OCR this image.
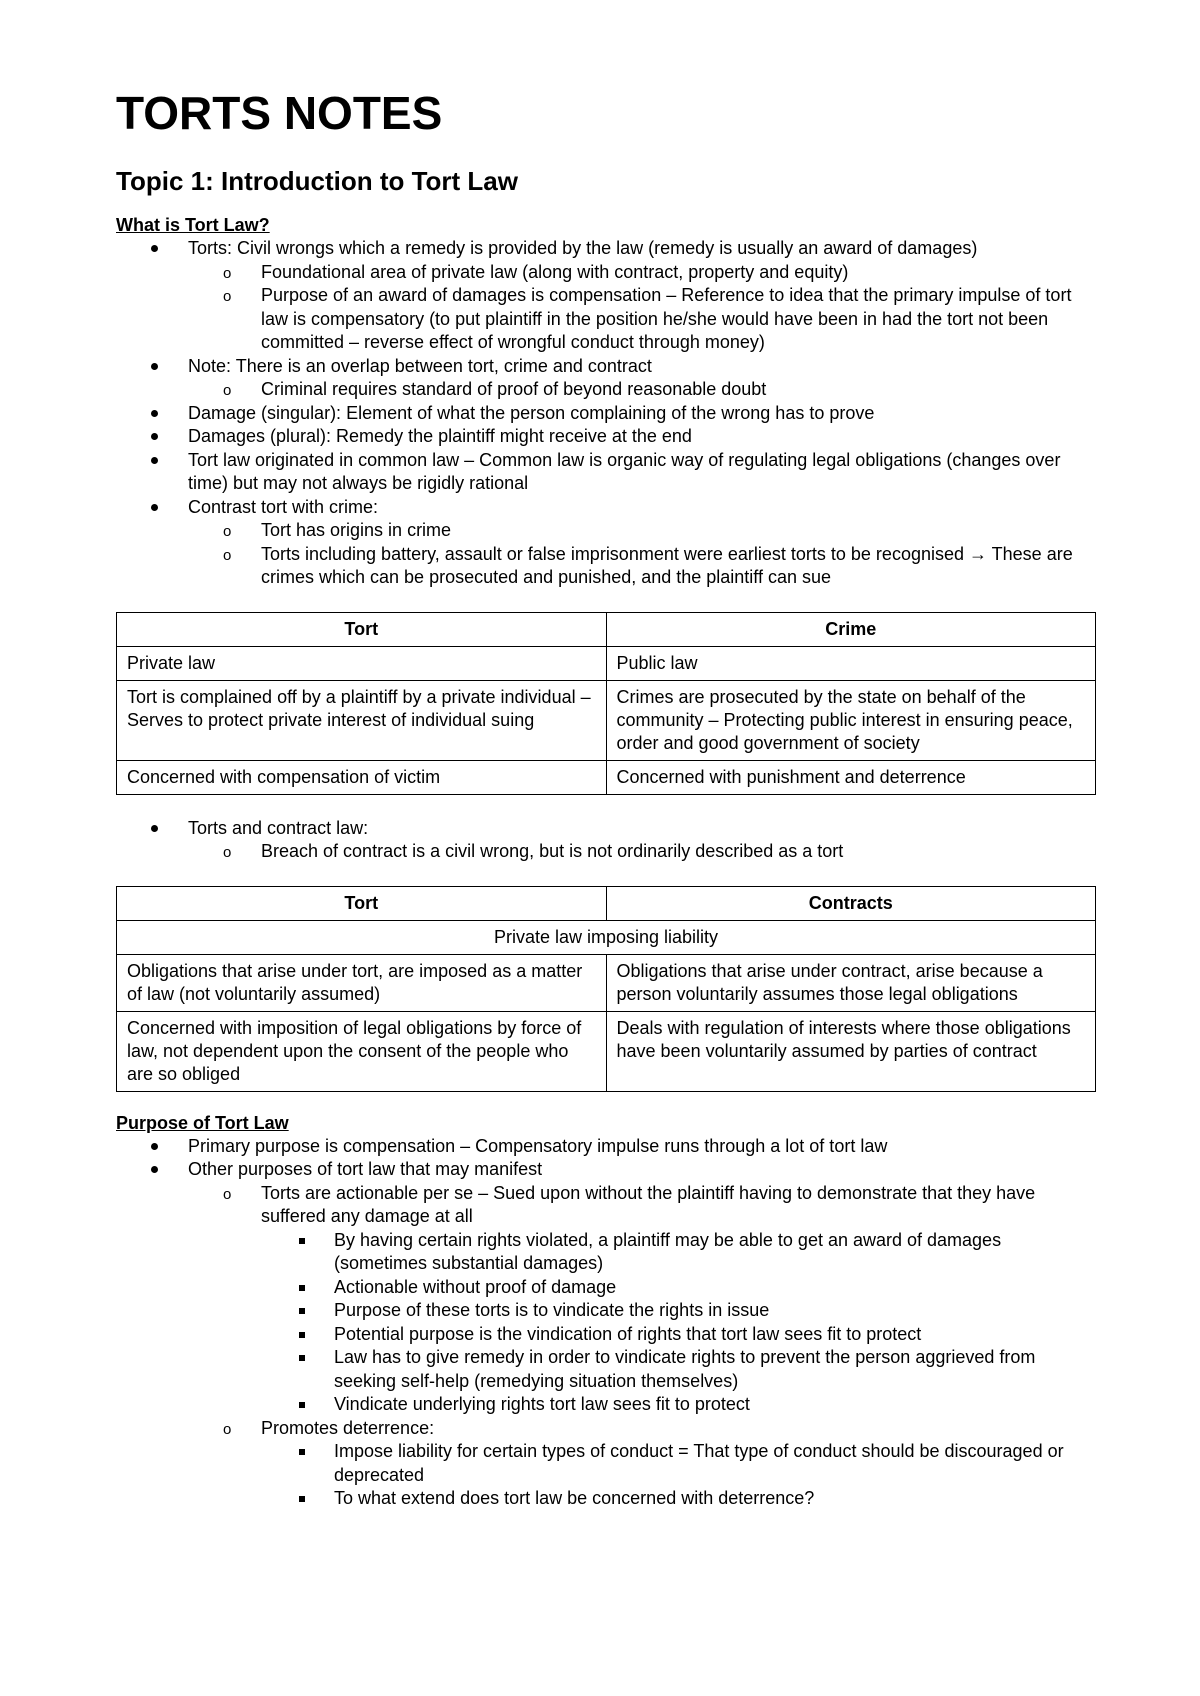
TORTS NOTES
Topic 1: Introduction to Tort Law

What is Tort Law?

Torts: Civil wrongs which a remedy is provided by the law (remedy is usually an award of damages)
o Foundational area of private law (along with contract, property and equity)
o Purpose of an award of damages is compensation – Reference to idea that the primary impulse of tort law is compensatory (to put plaintiff in the position he/she would have been in had the tort not been committed – reverse effect of wrongful conduct through money)
Note: There is an overlap between tort, crime and contract
o Criminal requires standard of proof of beyond reasonable doubt
Damage (singular): Element of what the person complaining of the wrong has to prove
Damages (plural): Remedy the plaintiff might receive at the end
Tort law originated in common law – Common law is organic way of regulating legal obligations (changes over time) but may not always be rigidly rational
Contrast tort with crime:
o Tort has origins in crime
o Torts including battery, assault or false imprisonment were earliest torts to be recognised → These are crimes which can be prosecuted and punished, and the plaintiff can sue
Tort	Crime
Private law	Public law
Tort is complained off by a plaintiff by a private individual – Serves to protect private interest of individual suing	Crimes are prosecuted by the state on behalf of the community – Protecting public interest in ensuring peace, order and good government of society
Concerned with compensation of victim	Concerned with punishment and deterrence
Torts and contract law:
o Breach of contract is a civil wrong, but is not ordinarily described as a tort
Tort	Contracts
Private law imposing liability	
Obligations that arise under tort, are imposed as a matter of law (not voluntarily assumed)	Obligations that arise under contract, arise because a person voluntarily assumes those legal obligations
Concerned with imposition of legal obligations by force of law, not dependent upon the consent of the people who are so obliged	Deals with regulation of interests where those obligations have been voluntarily assumed by parties of contract

Purpose of Tort Law

Primary purpose is compensation – Compensatory impulse runs through a lot of tort law
Other purposes of tort law that may manifest
o Torts are actionable per se – Sued upon without the plaintiff having to demonstrate that they have suffered any damage at all
By having certain rights violated, a plaintiff may be able to get an award of damages (sometimes substantial damages)
Actionable without proof of damage
Purpose of these torts is to vindicate the rights in issue
Potential purpose is the vindication of rights that tort law sees fit to protect
Law has to give remedy in order to vindicate rights to prevent the person aggrieved from seeking self-help (remedying situation themselves)
Vindicate underlying rights tort law sees fit to protect
o Promotes deterrence:
Impose liability for certain types of conduct = That type of conduct should be discouraged or deprecated
To what extend does tort law be concerned with deterrence?
